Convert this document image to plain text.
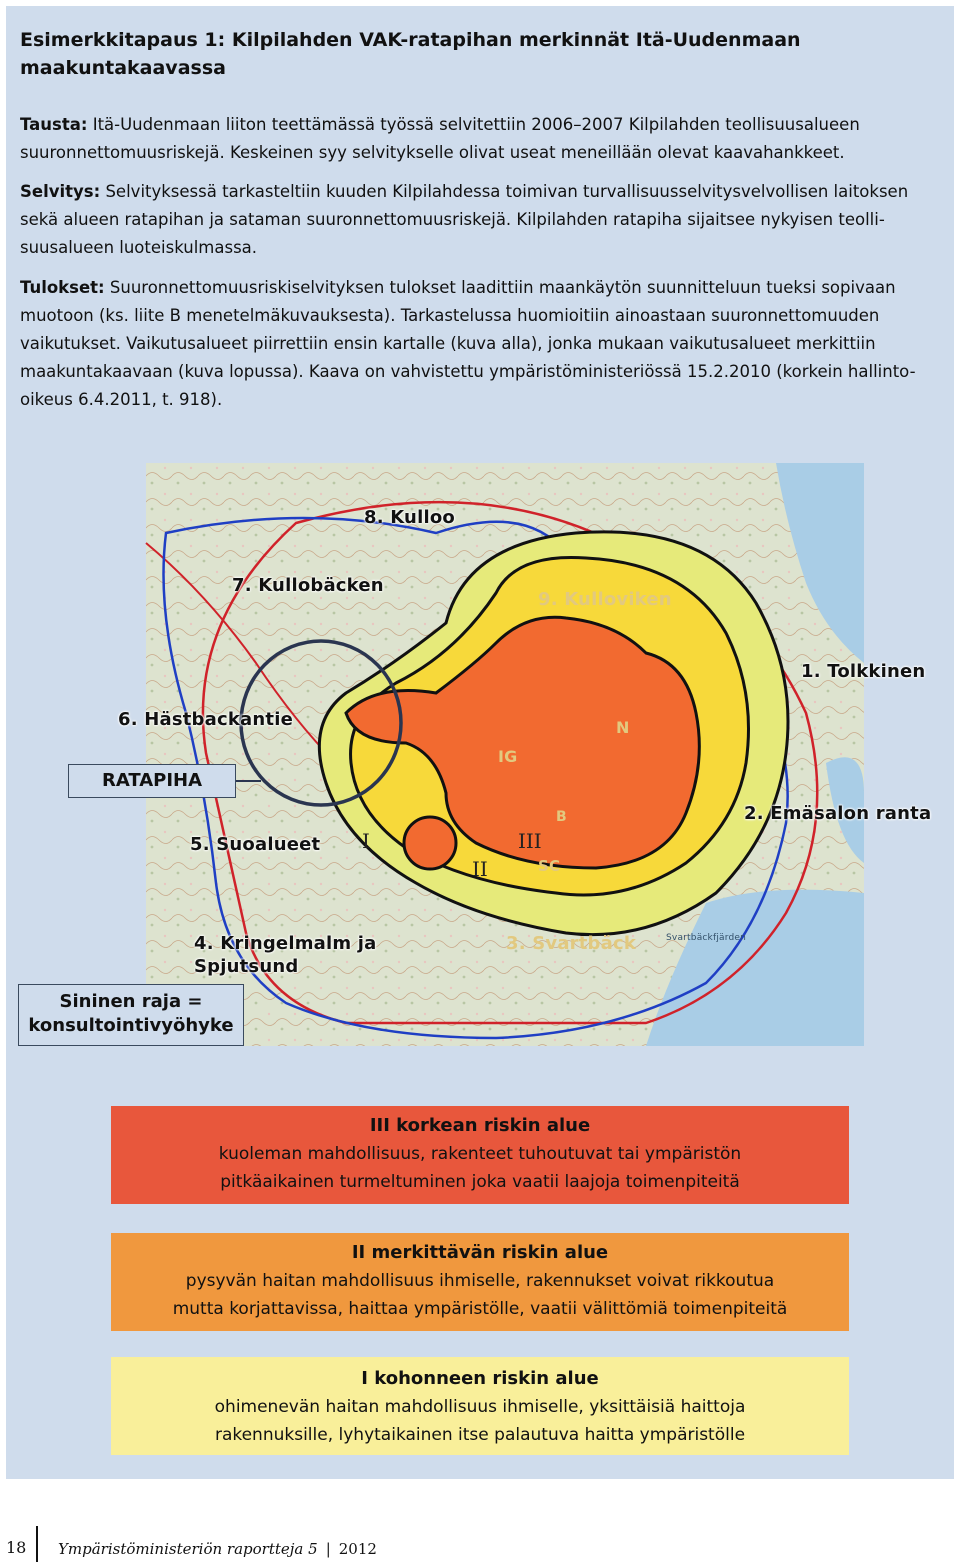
Esimerkkitapaus 1: Kilpilahden VAK-ratapihan merkinnät Itä-Uudenmaan
maakuntakaavassa
Tausta: Itä-Uudenmaan liiton teettämässä työssä selvitettiin 2006–2007 Kilpilahden teollisuusalueen
suuronnettomuusriskejä. Keskeinen syy selvitykselle olivat useat meneillään olevat kaavahankkeet.
Selvitys: Selvityksessä tarkasteltiin kuuden Kilpilahdessa toimivan turvallisuusselvitysvelvollisen laitoksen
sekä alueen ratapihan ja sataman suuronnettomuusriskejä. Kilpilahden ratapiha sijaitsee nykyisen teolli-
suusalueen luoteiskulmassa.
Tulokset: Suuronnettomuusriskiselvityksen tulokset laadittiin maankäytön suunnitteluun tueksi sopivaan
muotoon (ks. liite B menetelmäkuvauksesta). Tarkastelussa huomioitiin ainoastaan suuronnettomuuden
vaikutukset. Vaikutusalueet piirrettiin ensin kartalle (kuva alla), jonka mukaan vaikutusalueet merkittiin
maakuntakaavaan (kuva lopussa). Kaava on vahvistettu ympäristöministeriössä 15.2.2010 (korkein hallinto-
oikeus 6.4.2011, t. 918).
8. Kulloo
7. Kullobäcken
9. Kulloviken
1. Tolkkinen
N
IG
B
SC
5. Suoalueet
4. Kringelmalm ja
Spjutsund
3. Svartbäck	Svartbäckfjärden
I
II
III
6. Hästbackantie
2. Emäsalon ranta
RATAPIHA
Sininen raja =
konsultointivyöhyke
III korkean riskin alue
kuoleman mahdollisuus, rakenteet tuhoutuvat tai ympäristön
pitkäaikainen turmeltuminen joka vaatii laajoja toimenpiteitä
II merkittävän riskin alue
pysyvän haitan mahdollisuus ihmiselle, rakennukset voivat rikkoutua
mutta korjattavissa, haittaa ympäristölle, vaatii välittömiä toimenpiteitä
I kohonneen riskin alue
ohimenevän haitan mahdollisuus ihmiselle, yksittäisiä haittoja
rakennuksille, lyhytaikainen itse palautuva haitta ympäristölle
18 Ympäristöministeriön raportteja 5 | 2012
